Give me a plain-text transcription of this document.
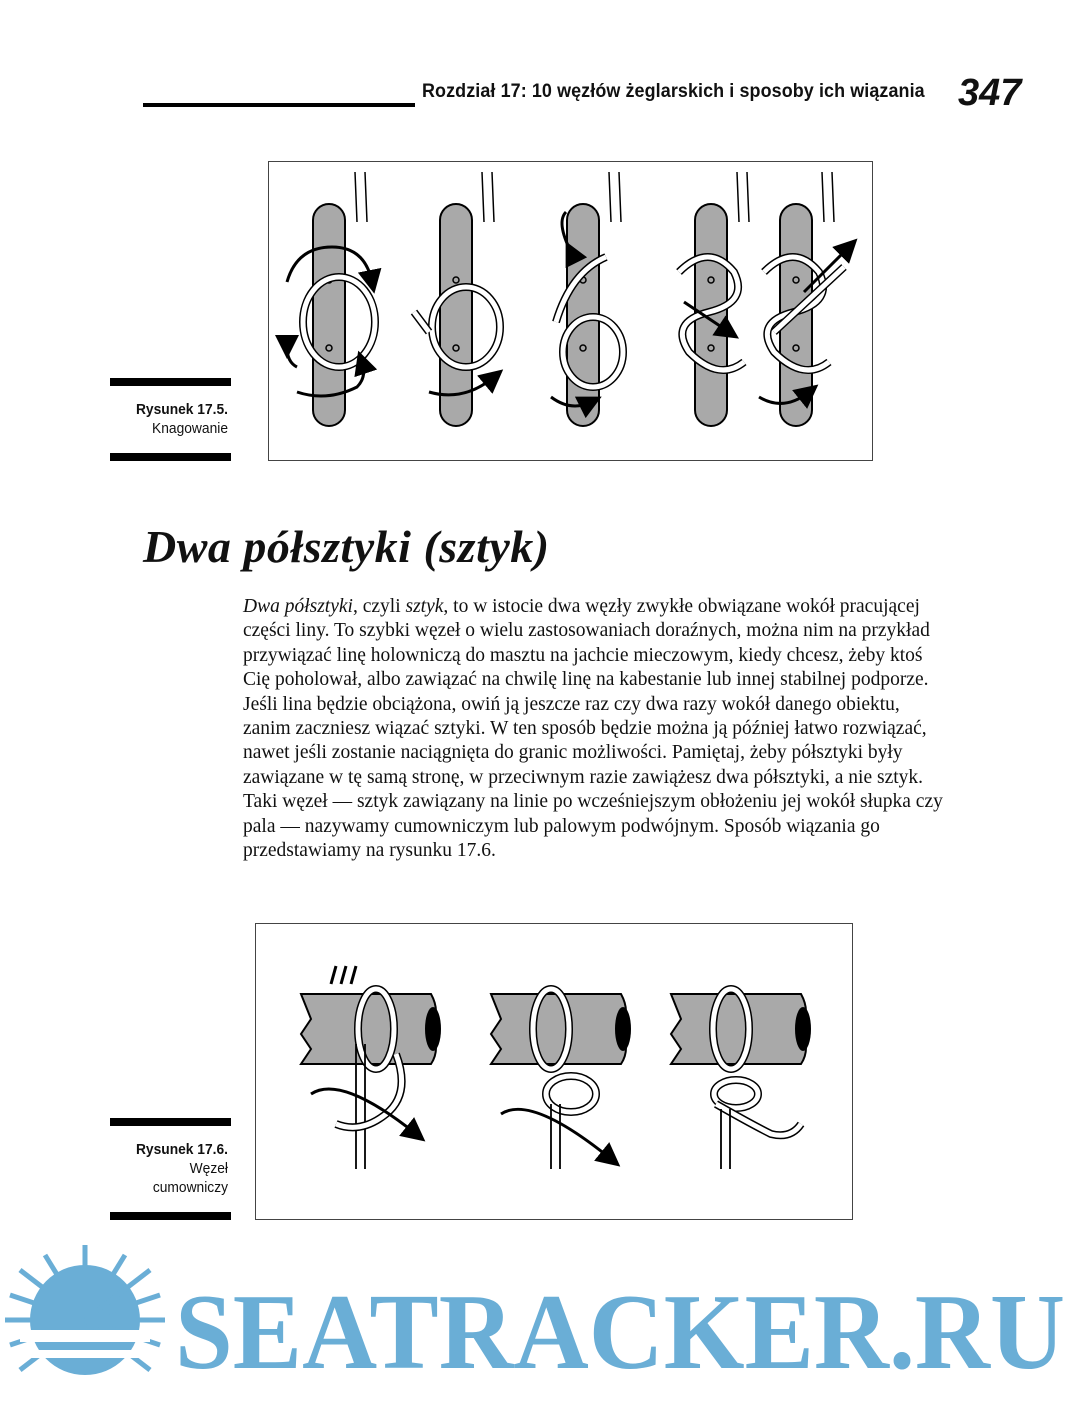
Rozdział 17: 10 węzłów żeglarskich i sposoby ich wiązania 347
Rysunek 17.5.
Knagowanie
Dwa półsztyki (sztyk)

Dwa półsztyki, czyli sztyk, to w istocie dwa węzły zwykłe obwiązane wokół pracującej części liny. To szybki węzeł o wielu zastosowaniach doraźnych, można nim na przykład przywiązać linę holowniczą do masztu na jachcie mieczowym, kiedy chcesz, żeby ktoś Cię poholował, albo zawiązać na chwilę linę na kabestanie lub innej stabilnej podporze. Jeśli lina będzie obciążona, owiń ją jeszcze raz czy dwa razy wokół danego obiektu, zanim zaczniesz wiązać sztyki. W ten sposób będzie można ją później łatwo rozwiązać, nawet jeśli zostanie naciągnięta do granic możliwości. Pamiętaj, żeby półsztyki były zawiązane w tę samą stronę, w przeciwnym razie zawiążesz dwa półsztyki, a nie sztyk. Taki węzeł — sztyk zawiązany na linie po wcześniejszym obłożeniu jej wokół słupka czy pala — nazywamy cumowniczym lub palowym podwójnym. Sposób wiązania go przedstawiamy na rysunku 17.6.

Rysunek 17.6.
Węzeł
cumowniczy
SEATRACKER.RU
